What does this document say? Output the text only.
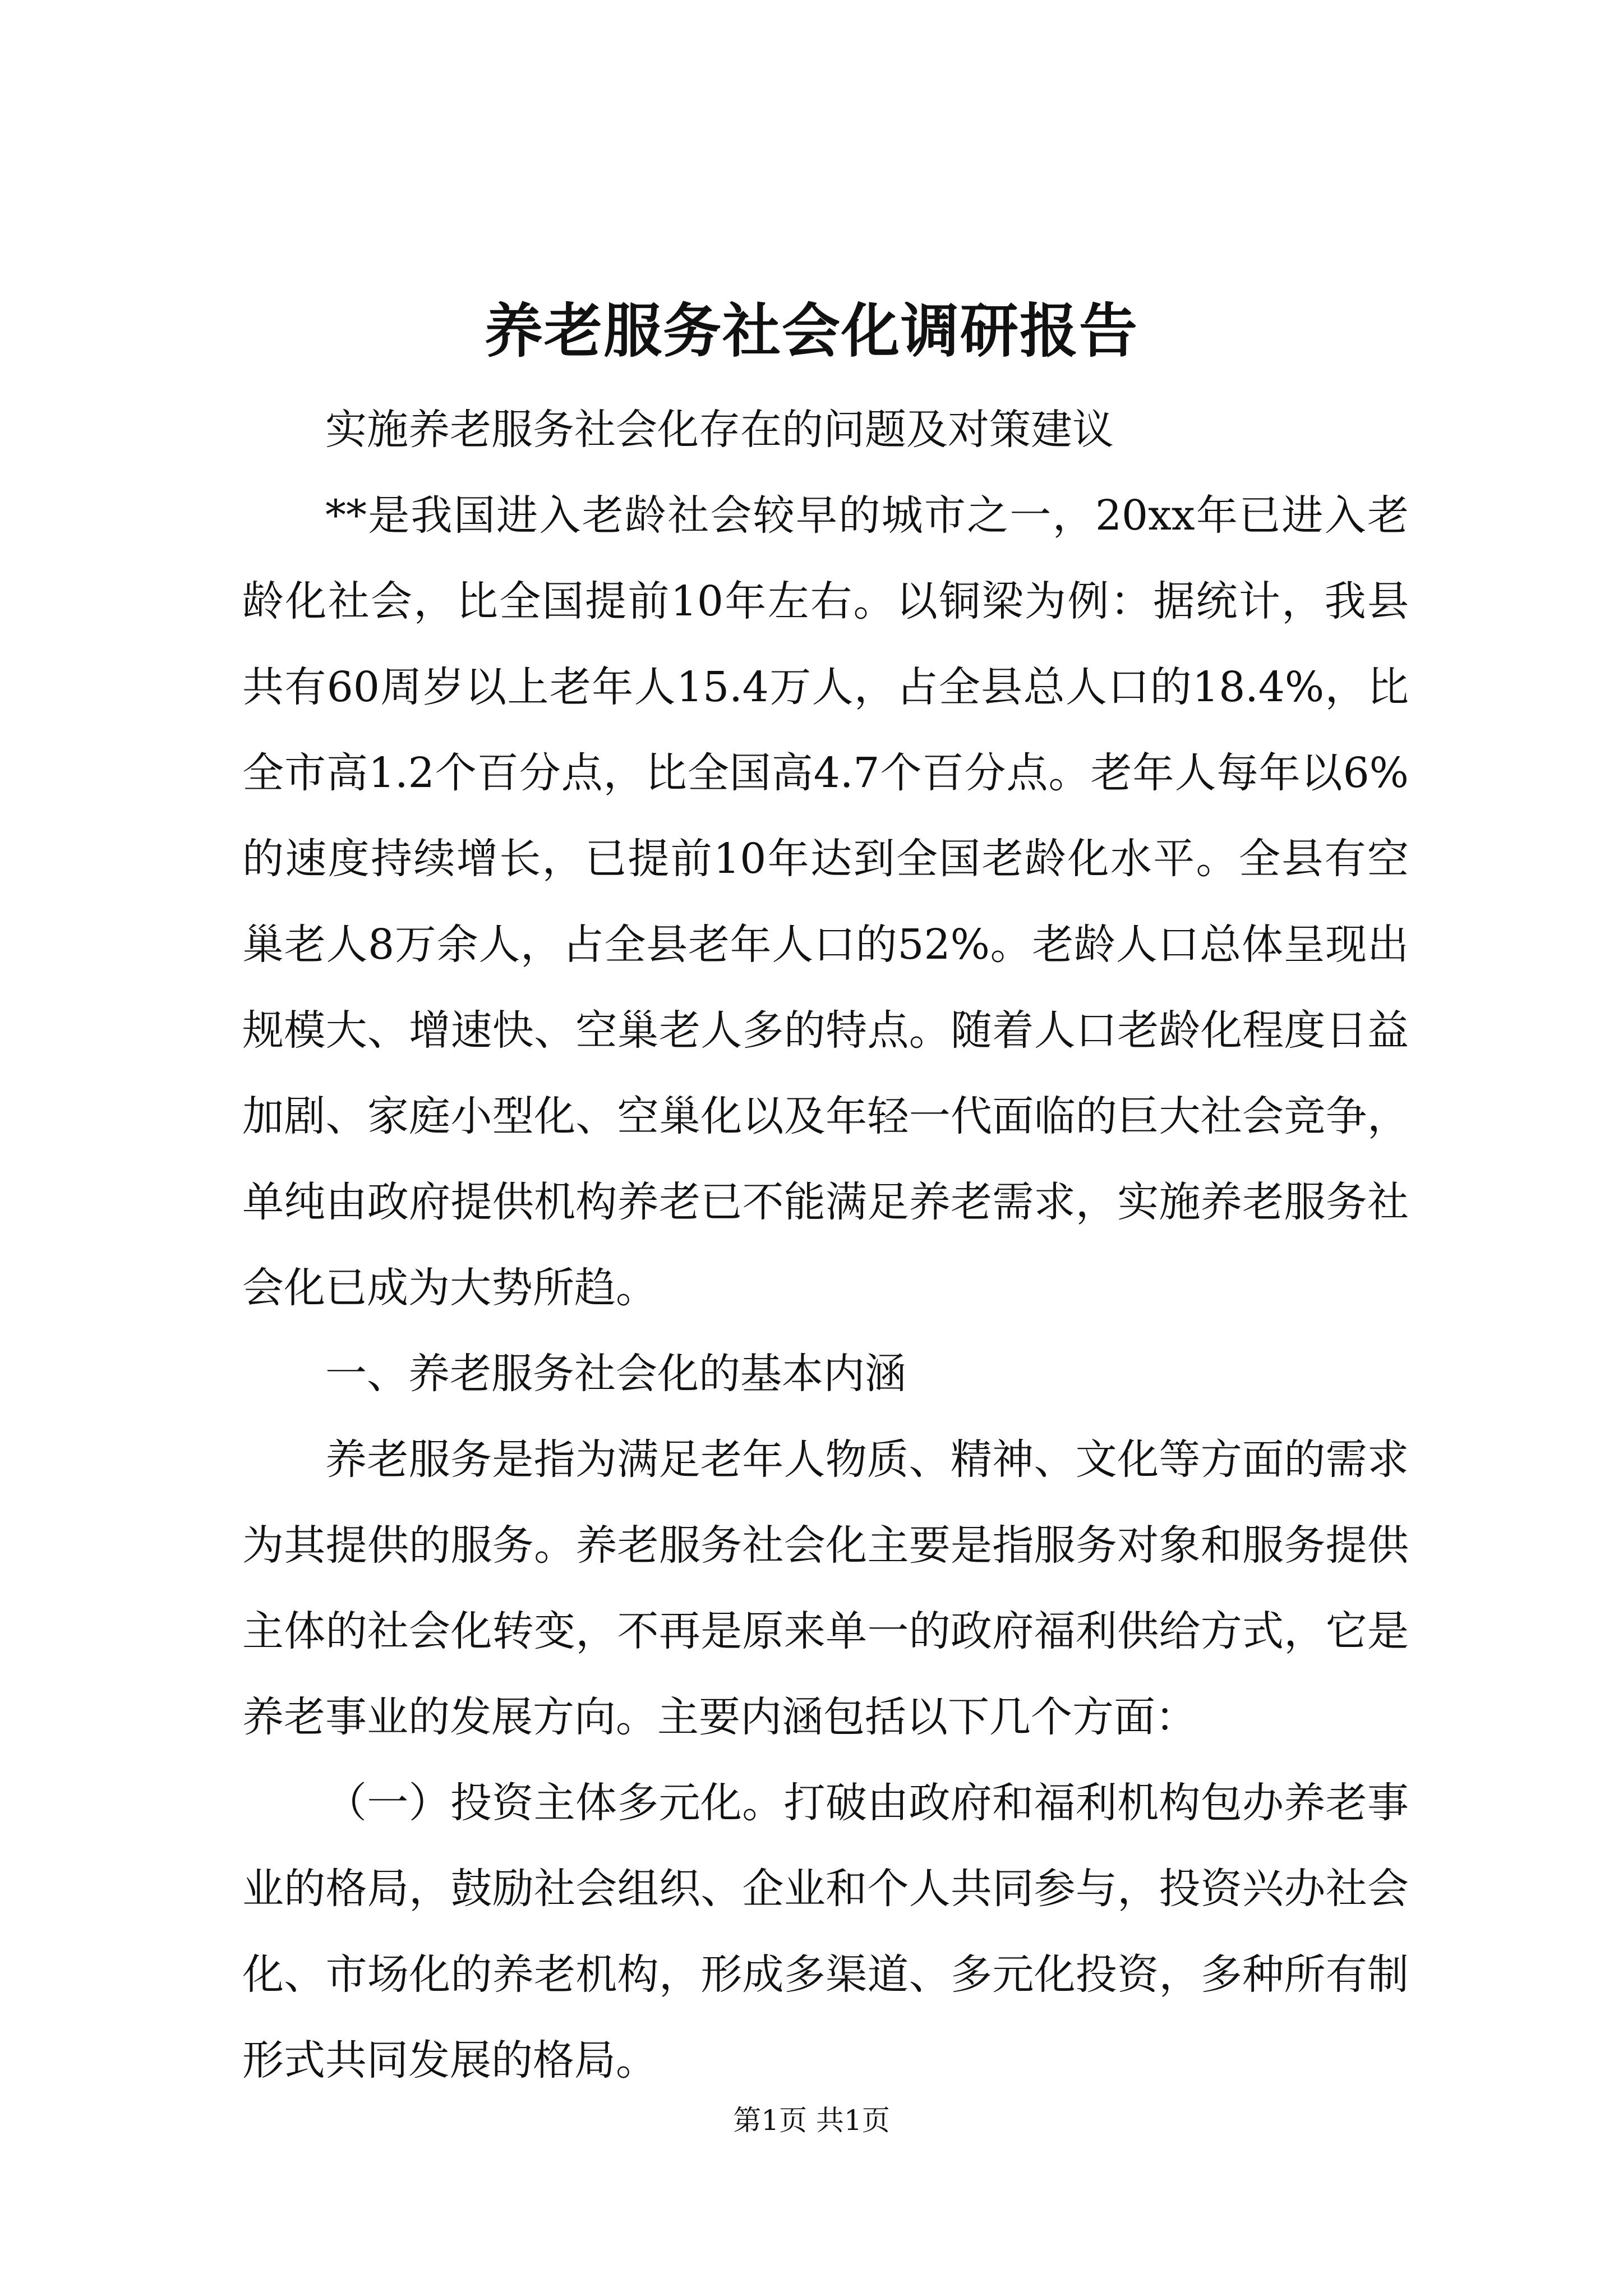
养老服务社会化调研报告

实施养老服务社会化存在的问题及对策建议

**是我国进入老龄社会较早的城市之一，20xx年已进入老龄化社会，比全国提前10年左右。以铜梁为例：据统计，我县共有60周岁以上老年人15.4万人，占全县总人口的18.4%，比全市高1.2个百分点，比全国高4.7个百分点。老年人每年以6%的速度持续增长，已提前10年达到全国老龄化水平。全县有空巢老人8万余人，占全县老年人口的52%。老龄人口总体呈现出规模大、增速快、空巢老人多的特点。随着人口老龄化程度日益加剧、家庭小型化、空巢化以及年轻一代面临的巨大社会竞争，单纯由政府提供机构养老已不能满足养老需求，实施养老服务社会化已成为大势所趋。

一、养老服务社会化的基本内涵

养老服务是指为满足老年人物质、精神、文化等方面的需求为其提供的服务。养老服务社会化主要是指服务对象和服务提供主体的社会化转变，不再是原来单一的政府福利供给方式，它是养老事业的发展方向。主要内涵包括以下几个方面：

（一）投资主体多元化。打破由政府和福利机构包办养老事业的格局，鼓励社会组织、企业和个人共同参与，投资兴办社会化、市场化的养老机构，形成多渠道、多元化投资，多种所有制形式共同发展的格局。

第1页 共1页
